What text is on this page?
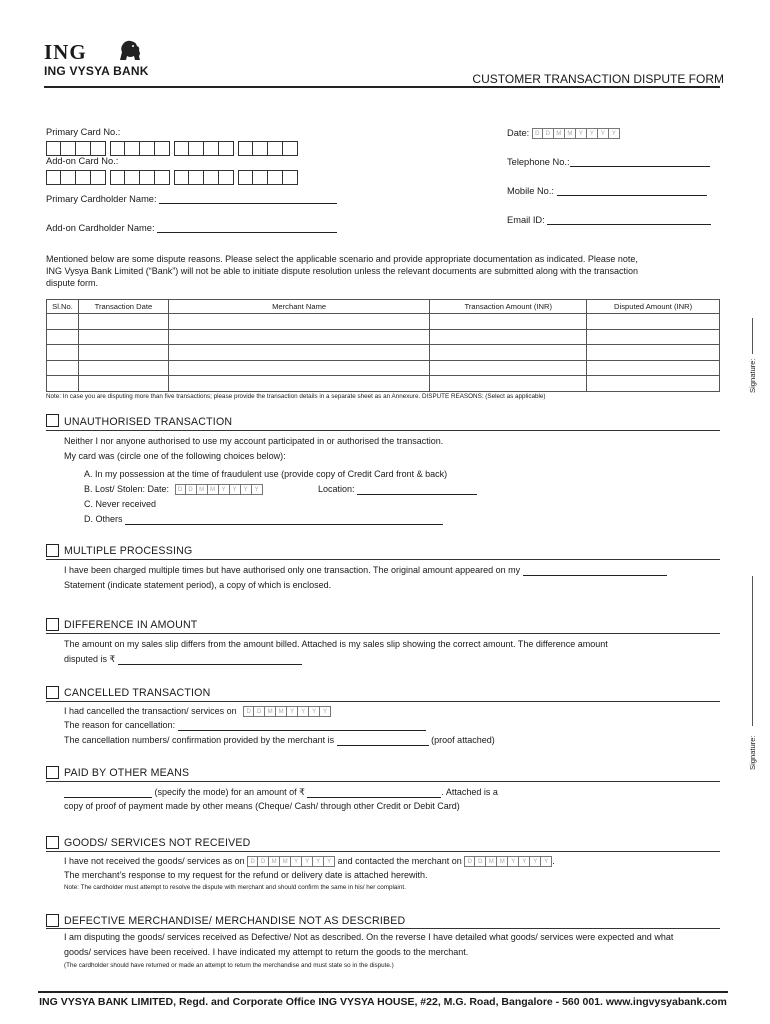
ING
ING VYSYA BANK
CUSTOMER TRANSACTION DISPUTE FORM
Primary Card No.:
Add-on Card No.:
Primary Cardholder Name:
Add-on Cardholder Name:
Date: D	D	M	M	Y	Y	Y	Y
Telephone No.:
Mobile No.:
Email ID:
Mentioned below are some dispute reasons. Please select the applicable scenario and provide appropriate documentation as indicated. Please note,
ING Vysya Bank Limited (“Bank”) will not be able to initiate dispute resolution unless the relevant documents are submitted along with the transaction
dispute form.
Sl.No.	Transaction Date	Merchant Name	Transaction Amount (INR)	Disputed Amount (INR)

Note: In case you are disputing more than five transactions; please provide the transaction details in a separate sheet as an Annexure. DISPUTE REASONS: (Select as applicable)
Signature:
Signature:
UNAUTHORISED TRANSACTION
Neither I nor anyone authorised to use my account participated in or authorised the transaction.
My card was (circle one of the following choices below):
A. In my possession at the time of fraudulent use (provide copy of Credit Card front & back)
B. Lost/ Stolen: Date:	D	D	M	M	Y	Y	Y	Y	Location:
C. Never received
D. Others
MULTIPLE PROCESSING
I have been charged multiple times but have authorised only one transaction. The original amount appeared on my
Statement (indicate statement period), a copy of which is enclosed.
DIFFERENCE IN AMOUNT
The amount on my sales slip differs from the amount billed. Attached is my sales slip showing the correct amount. The difference amount
disputed is ₹
CANCELLED TRANSACTION
I had cancelled the transaction/ services on	D	D	M	M	Y	Y	Y	Y
The reason for cancellation:
The cancellation numbers/ confirmation provided by the merchant is	(proof attached)
PAID BY OTHER MEANS
(specify the mode) for an amount of ₹	. Attached is a
copy of proof of payment made by other means (Cheque/ Cash/ through other Credit or Debit Card)
GOODS/ SERVICES NOT RECEIVED
I have not received the goods/ services as on D	D	M	M	Y	Y	Y	Y and contacted the merchant on D	D	M	M	Y	Y	Y	Y .
The merchant’s response to my request for the refund or delivery date is attached herewith.
Note: The cardholder must attempt to resolve the dispute with merchant and should confirm the same in his/ her complaint.
DEFECTIVE MERCHANDISE/ MERCHANDISE NOT AS DESCRIBED
I am disputing the goods/ services received as Defective/ Not as described. On the reverse I have detailed what goods/ services were expected and what
goods/ services have been received. I have indicated my attempt to return the goods to the merchant.
(The cardholder should have returned or made an attempt to return the merchandise and must state so in the dispute.)
ING VYSYA BANK LIMITED, Regd. and Corporate Office ING VYSYA HOUSE, #22, M.G. Road, Bangalore - 560 001. www.ingvysyabank.com
